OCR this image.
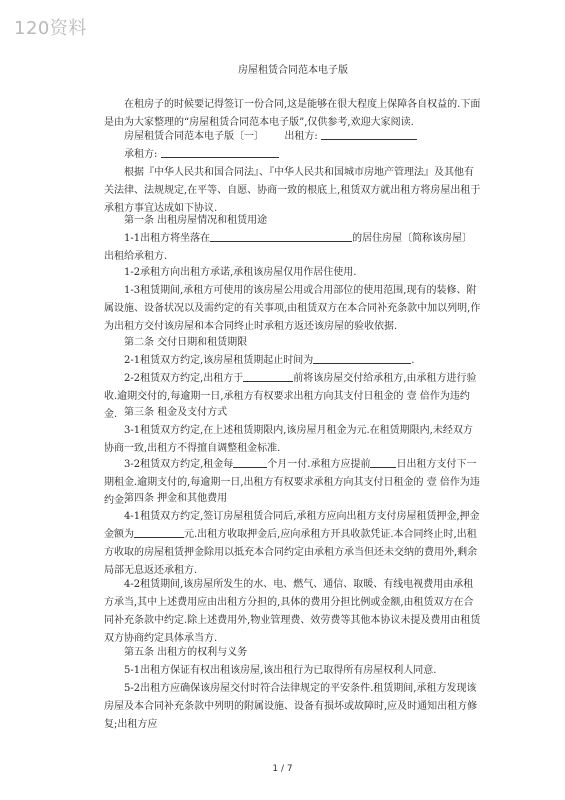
120资料
房屋租赁合同范本电子版
在租房子的时候要记得签订一份合同,这是能够在很大程度上保障各自权益的.下面是由为大家整理的“房屋租赁合同范本电子版”,仅供参考,欢迎大家阅读.
房屋租赁合同范本电子版〔一〕 出租方:
承租方:
根据『中华人民共和国合同法』、『中华人民共和国城市房地产管理法』及其他有关法律、法规规定,在平等、自愿、协商一致的根底上,租赁双方就出租方将房屋出租于承租方事宜达成如下协议.
第一条 出租房屋情况和租赁用途
1-1出租方将坐落在	的居住房屋〔简称该房屋〕出租给承租方.
1-2承租方向出租方承诺,承租该房屋仅用作居住使用.
1-3租赁期间,承租方可使用的该房屋公用或合用部位的使用范围,现有的装修、附属设施、设备状况以及需约定的有关事项,由租赁双方在本合同补充条款中加以列明,作为出租方交付该房屋和本合同终止时承租方返还该房屋的验收依据.
第二条 交付日期和租赁期限
2-1租赁双方约定,该房屋租赁期起止时间为	.
2-2租赁双方约定,出租方于	前将该房屋交付给承租方,由承租方进行验收.逾期交付的,每逾期一日,承租方有权要求出租方向其支付日租金的 壹 倍作为违约金. 第三条 租金及支付方式
3-1租赁双方约定,在上述租赁期限内,该房屋月租金为元.在租赁期限内,未经双方协商一致,出租方不得擅自调整租金标准.
3-2租赁双方约定,租金每	个月一付.承租方应提前	日出租方支付下一期租金.逾期支付的,每逾期一日,出租方有权要求承租方向其支付日租金的 壹 倍作为违约金.
第四条 押金和其他费用
4-1租赁双方约定,签订房屋租赁合同后,承租方应向出租方支付房屋租赁押金,押金金额为	元.出租方收取押金后,应向承租方开具收款凭证.本合同终止时,出租方收取的房屋租赁押金除用以抵充本合同约定由承租方承当但还未交纳的费用外,剩余局部无息返还承租方.
4-2租赁期间,该房屋所发生的水、电、燃气、通信、取暖、有线电视费用由承租方承当,其中上述费用应由出租方分担的,具体的费用分担比例或金额,由租赁双方在合同补充条款中约定.除上述费用外,物业管理费、效劳费等其他本协议未提及费用由租赁双方协商约定具体承当方.
第五条 出租方的权利与义务
5-1出租方保证有权出租该房屋,该出租行为已取得所有房屋权利人同意.
5-2出租方应确保该房屋交付时符合法律规定的平安条件.租赁期间,承租方发现该房屋及本合同补充条款中列明的附属设施、设备有损坏或故障时,应及时通知出租方修复;出租方应
1 / 7
